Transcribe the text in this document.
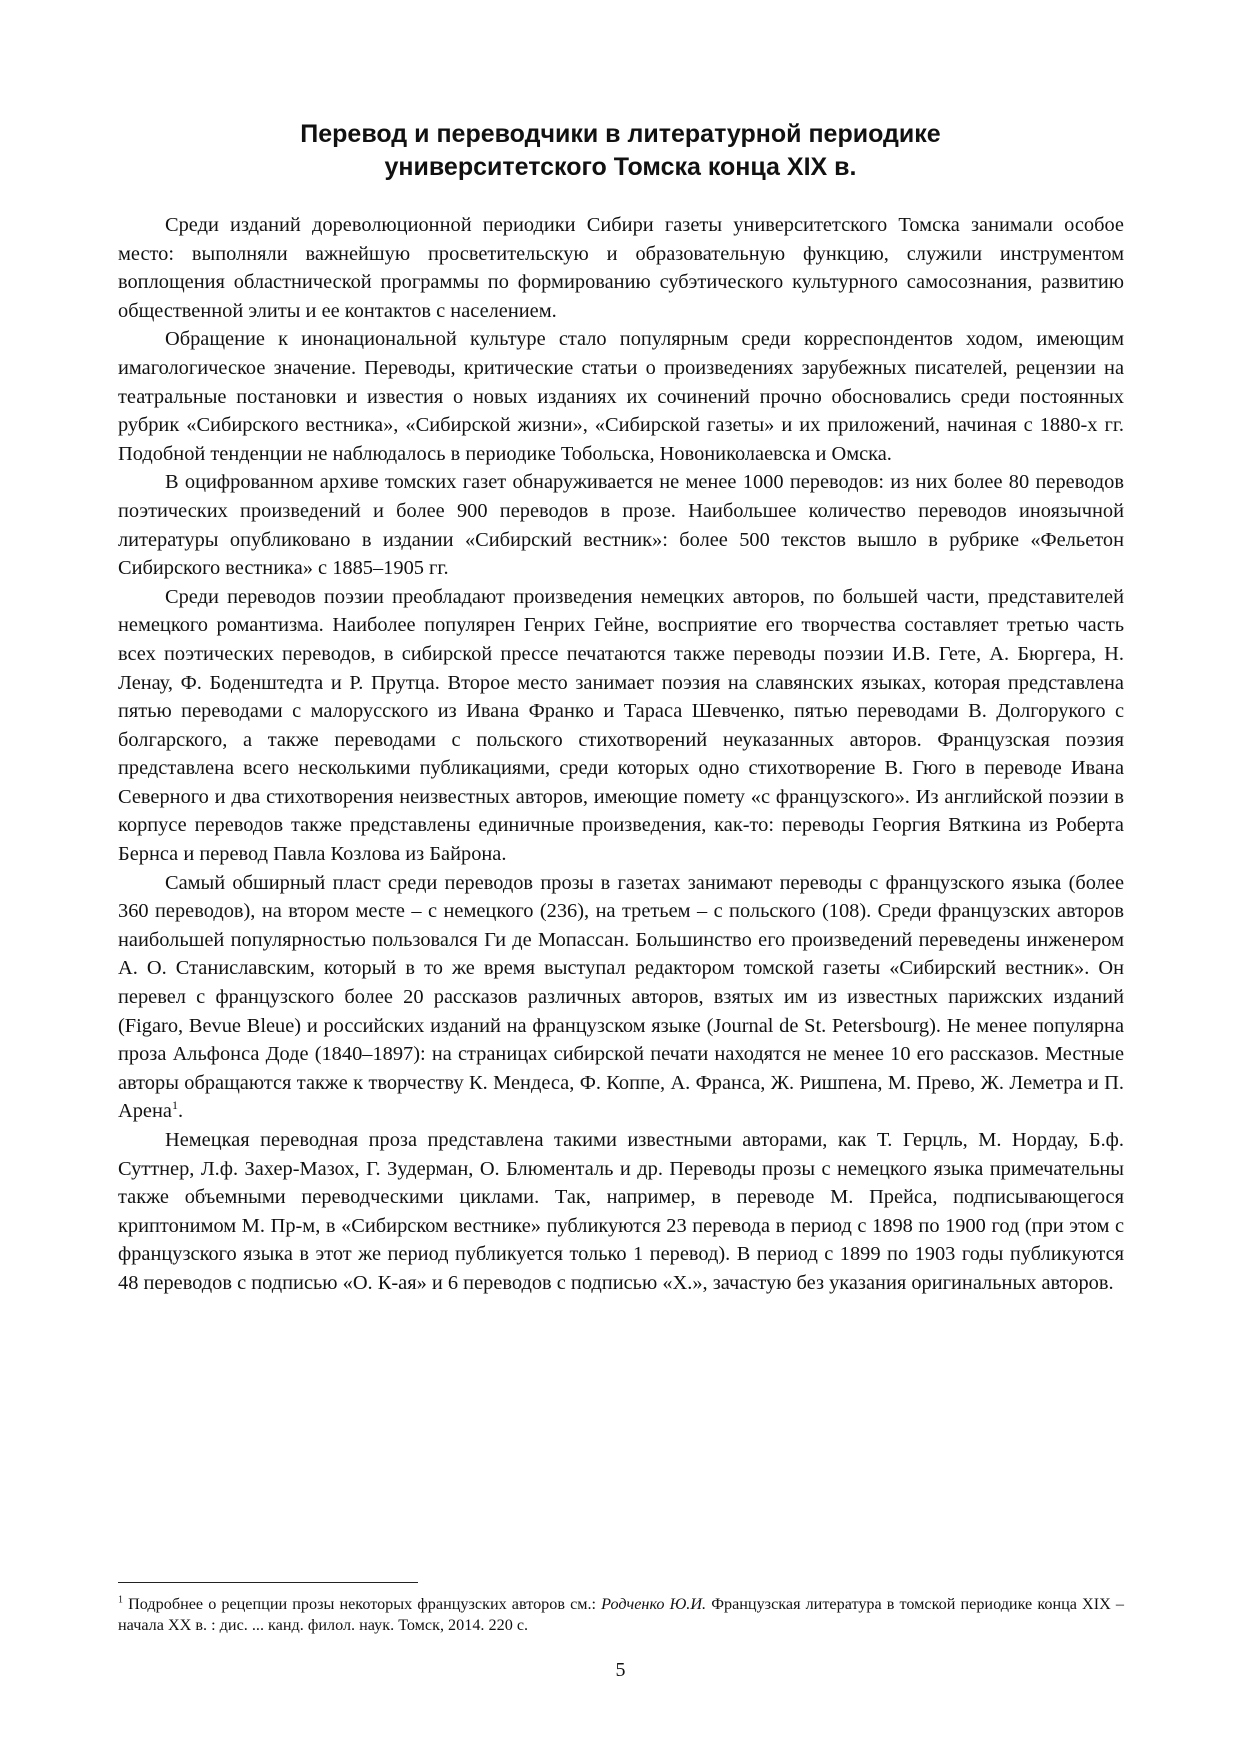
Перевод и переводчики в литературной периодике
университетского Томска конца XIX в.

Среди изданий дореволюционной периодики Сибири газеты университетского Томска занимали особое место: выполняли важнейшую просветительскую и образовательную функцию, служили инструментом воплощения областнической программы по формированию субэтического культурного самосознания, развитию общественной элиты и ее контактов с населением.

Обращение к инонациональной культуре стало популярным среди корреспондентов ходом, имеющим имагологическое значение. Переводы, критические статьи о произведениях зарубежных писателей, рецензии на театральные постановки и известия о новых изданиях их сочинений прочно обосновались среди постоянных рубрик «Сибирского вестника», «Сибирской жизни», «Сибирской газеты» и их приложений, начиная с 1880-х гг. Подобной тенденции не наблюдалось в периодике Тобольска, Новониколаевска и Омска.

В оцифрованном архиве томских газет обнаруживается не менее 1000 переводов: из них более 80 переводов поэтических произведений и более 900 переводов в прозе. Наибольшее количество переводов иноязычной литературы опубликовано в издании «Сибирский вестник»: более 500 текстов вышло в рубрике «Фельетон Сибирского вестника» с 1885–1905 гг.

Среди переводов поэзии преобладают произведения немецких авторов, по большей части, представителей немецкого романтизма. Наиболее популярен Генрих Гейне, восприятие его творчества составляет третью часть всех поэтических переводов, в сибирской прессе печатаются также переводы поэзии И.В. Гете, А. Бюргера, Н. Ленау, Ф. Боденштедта и Р. Прутца. Второе место занимает поэзия на славянских языках, которая представлена пятью переводами с малорусского из Ивана Франко и Тараса Шевченко, пятью переводами В. Долгорукого с болгарского, а также переводами с польского стихотворений неуказанных авторов. Французская поэзия представлена всего несколькими публикациями, среди которых одно стихотворение В. Гюго в переводе Ивана Северного и два стихотворения неизвестных авторов, имеющие помету «с французского». Из английской поэзии в корпусе переводов также представлены единичные произведения, как-то: переводы Георгия Вяткина из Роберта Бернса и перевод Павла Козлова из Байрона.

Самый обширный пласт среди переводов прозы в газетах занимают переводы с французского языка (более 360 переводов), на втором месте – с немецкого (236), на третьем – с польского (108). Среди французских авторов наибольшей популярностью пользовался Ги де Мопассан. Большинство его произведений переведены инженером А. О. Станиславским, который в то же время выступал редактором томской газеты «Сибирский вестник». Он перевел с французского более 20 рассказов различных авторов, взятых им из известных парижских изданий (Figaro, Bevue Bleue) и российских изданий на французском языке (Journal de St. Petersbourg). Не менее популярна проза Альфонса Доде (1840–1897): на страницах сибирской печати находятся не менее 10 его рассказов. Местные авторы обращаются также к творчеству К. Мендеса, Ф. Коппе, А. Франса, Ж. Ришпена, М. Прево, Ж. Леметра и П. Арена$^1$.

Немецкая переводная проза представлена такими известными авторами, как Т. Герцль, М. Нордау, Б.ф. Суттнер, Л.ф. Захер-Мазох, Г. Зудерман, О. Блюменталь и др. Переводы прозы с немецкого языка примечательны также объемными переводческими циклами. Так, например, в переводе М. Прейса, подписывающегося криптонимом М. Пр-м, в «Сибирском вестнике» публикуются 23 перевода в период с 1898 по 1900 год (при этом с французского языка в этот же период публикуется только 1 перевод). В период с 1899 по 1903 годы публикуются 48 переводов с подписью «О. К-ая» и 6 переводов с подписью «Х.», зачастую без указания оригинальных авторов.

$^1$ Подробнее о рецепции прозы некоторых французских авторов см.: Родченко Ю.И. Французская литература в томской периодике конца XIX – начала XX в. : дис. ... канд. филол. наук. Томск, 2014. 220 с.

5
